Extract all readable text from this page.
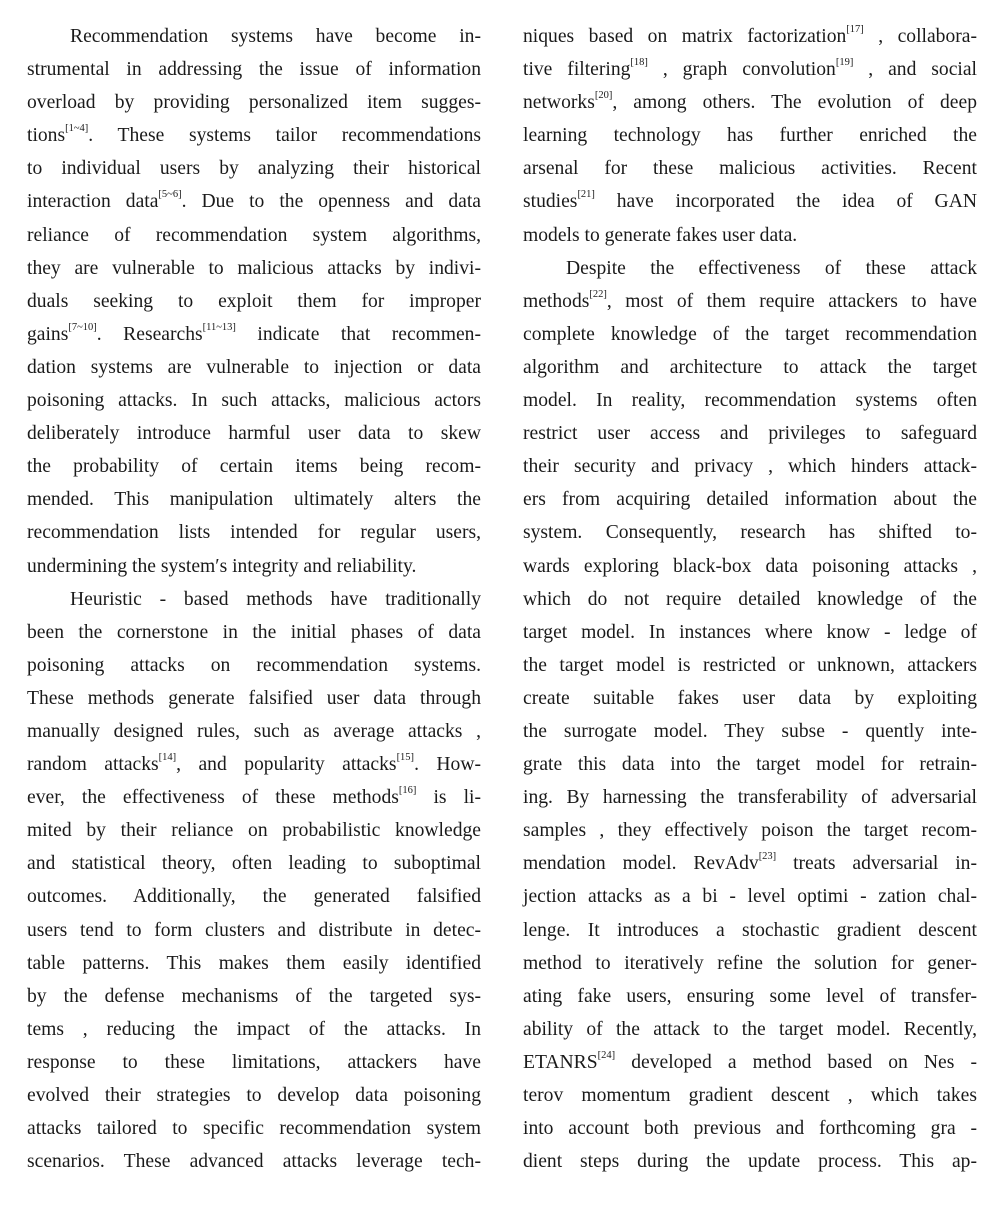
Recommendation systems have become in-
strumental in addressing the issue of information
overload by providing personalized item sugges-
tions[1~4]. These systems tailor recommendations
to individual users by analyzing their historical
interaction data[5~6]. Due to the openness and data
reliance of recommendation system algorithms,
they are vulnerable to malicious attacks by indivi-
duals seeking to exploit them for improper
gains[7~10]. Researchs[11~13] indicate that recommen-
dation systems are vulnerable to injection or data
poisoning attacks. In such attacks, malicious actors
deliberately introduce harmful user data to skew
the probability of certain items being recom-
mended. This manipulation ultimately alters the
recommendation lists intended for regular users,
undermining the system′s integrity and reliability.
Heuristic - based methods have traditionally
been the cornerstone in the initial phases of data
poisoning attacks on recommendation systems.
These methods generate falsified user data through
manually designed rules, such as average attacks ,
random attacks[14], and popularity attacks[15]. How-
ever, the effectiveness of these methods[16] is li-
mited by their reliance on probabilistic knowledge
and statistical theory, often leading to suboptimal
outcomes. Additionally, the generated falsified
users tend to form clusters and distribute in detec-
table patterns. This makes them easily identified
by the defense mechanisms of the targeted sys-
tems , reducing the impact of the attacks. In
response to these limitations, attackers have
evolved their strategies to develop data poisoning
attacks tailored to specific recommendation system
scenarios. These advanced attacks leverage tech-
niques based on matrix factorization[17] , collabora-
tive filtering[18] , graph convolution[19] , and social
networks[20], among others. The evolution of deep
learning technology has further enriched the
arsenal for these malicious activities. Recent
studies[21] have incorporated the idea of GAN
models to generate fakes user data.
Despite the effectiveness of these attack
methods[22], most of them require attackers to have
complete knowledge of the target recommendation
algorithm and architecture to attack the target
model. In reality, recommendation systems often
restrict user access and privileges to safeguard
their security and privacy , which hinders attack-
ers from acquiring detailed information about the
system. Consequently, research has shifted to-
wards exploring black-box data poisoning attacks ,
which do not require detailed knowledge of the
target model. In instances where know - ledge of
the target model is restricted or unknown, attackers
create suitable fakes user data by exploiting
the surrogate model. They subse - quently inte-
grate this data into the target model for retrain-
ing. By harnessing the transferability of adversarial
samples , they effectively poison the target recom-
mendation model. RevAdv[23] treats adversarial in-
jection attacks as a bi - level optimi - zation chal-
lenge. It introduces a stochastic gradient descent
method to iteratively refine the solution for gener-
ating fake users, ensuring some level of transfer-
ability of the attack to the target model. Recently,
ETANRS[24] developed a method based on Nes -
terov momentum gradient descent , which takes
into account both previous and forthcoming gra -
dient steps during the update process. This ap-
